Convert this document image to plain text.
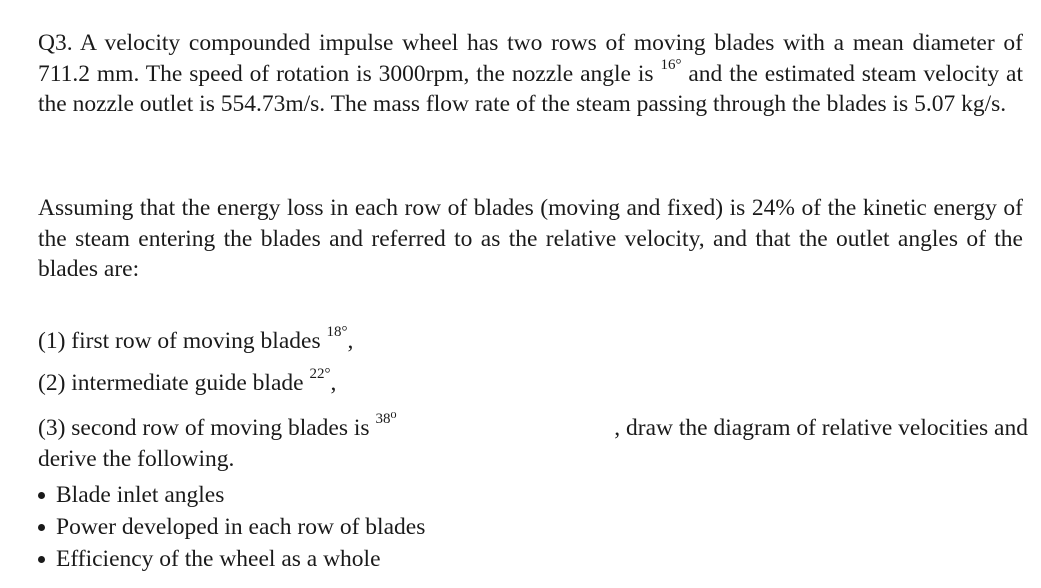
Q3. A velocity compounded impulse wheel has two rows of moving blades with a mean diameter of 711.2 mm. The speed of rotation is 3000rpm, the nozzle angle is $^{16^\circ}$ and the estimated steam velocity at the nozzle outlet is 554.73m/s. The mass flow rate of the steam passing through the blades is 5.07 kg/s.

Assuming that the energy loss in each row of blades (moving and fixed) is 24% of the kinetic energy of the steam entering the blades and referred to as the relative velocity, and that the outlet angles of the blades are:

(1) first row of moving blades $^{18^\circ}$,

(2) intermediate guide blade $^{22^\circ}$,

(3) second row of moving blades is $^{38^0}$	, draw the diagram of relative velocities and
derive the following.
Blade inlet angles
Power developed in each row of blades
Efficiency of the wheel as a whole
